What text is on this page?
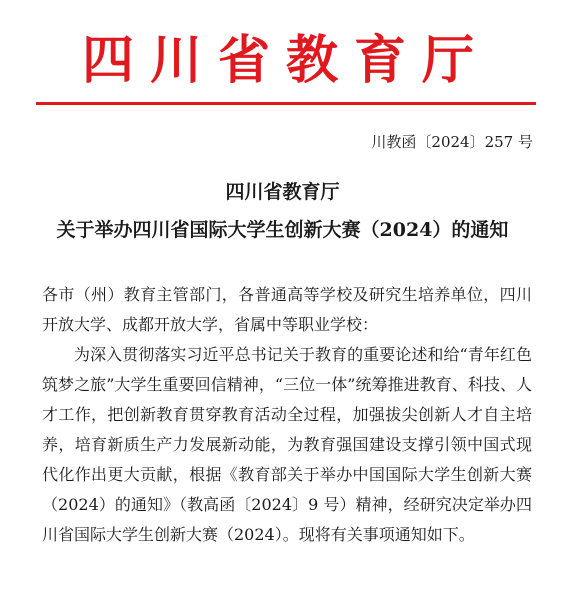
四川省教育厅
川教函〔2024〕257 号
四川省教育厅
关于举办四川省国际大学生创新大赛（2024）的通知

各市（州）教育主管部门，各普通高等学校及研究生培养单位，四川开放大学、成都开放大学，省属中等职业学校：

为深入贯彻落实习近平总书记关于教育的重要论述和给“青年红色筑梦之旅”大学生重要回信精神，“三位一体”统筹推进教育、科技、人才工作，把创新教育贯穿教育活动全过程，加强拔尖创新人才自主培养，培育新质生产力发展新动能，为教育强国建设支撑引领中国式现代化作出更大贡献，根据《教育部关于举办中国国际大学生创新大赛（2024）的通知》（教高函〔2024〕9 号）精神，经研究决定举办四川省国际大学生创新大赛（2024）。现将有关事项通知如下。
